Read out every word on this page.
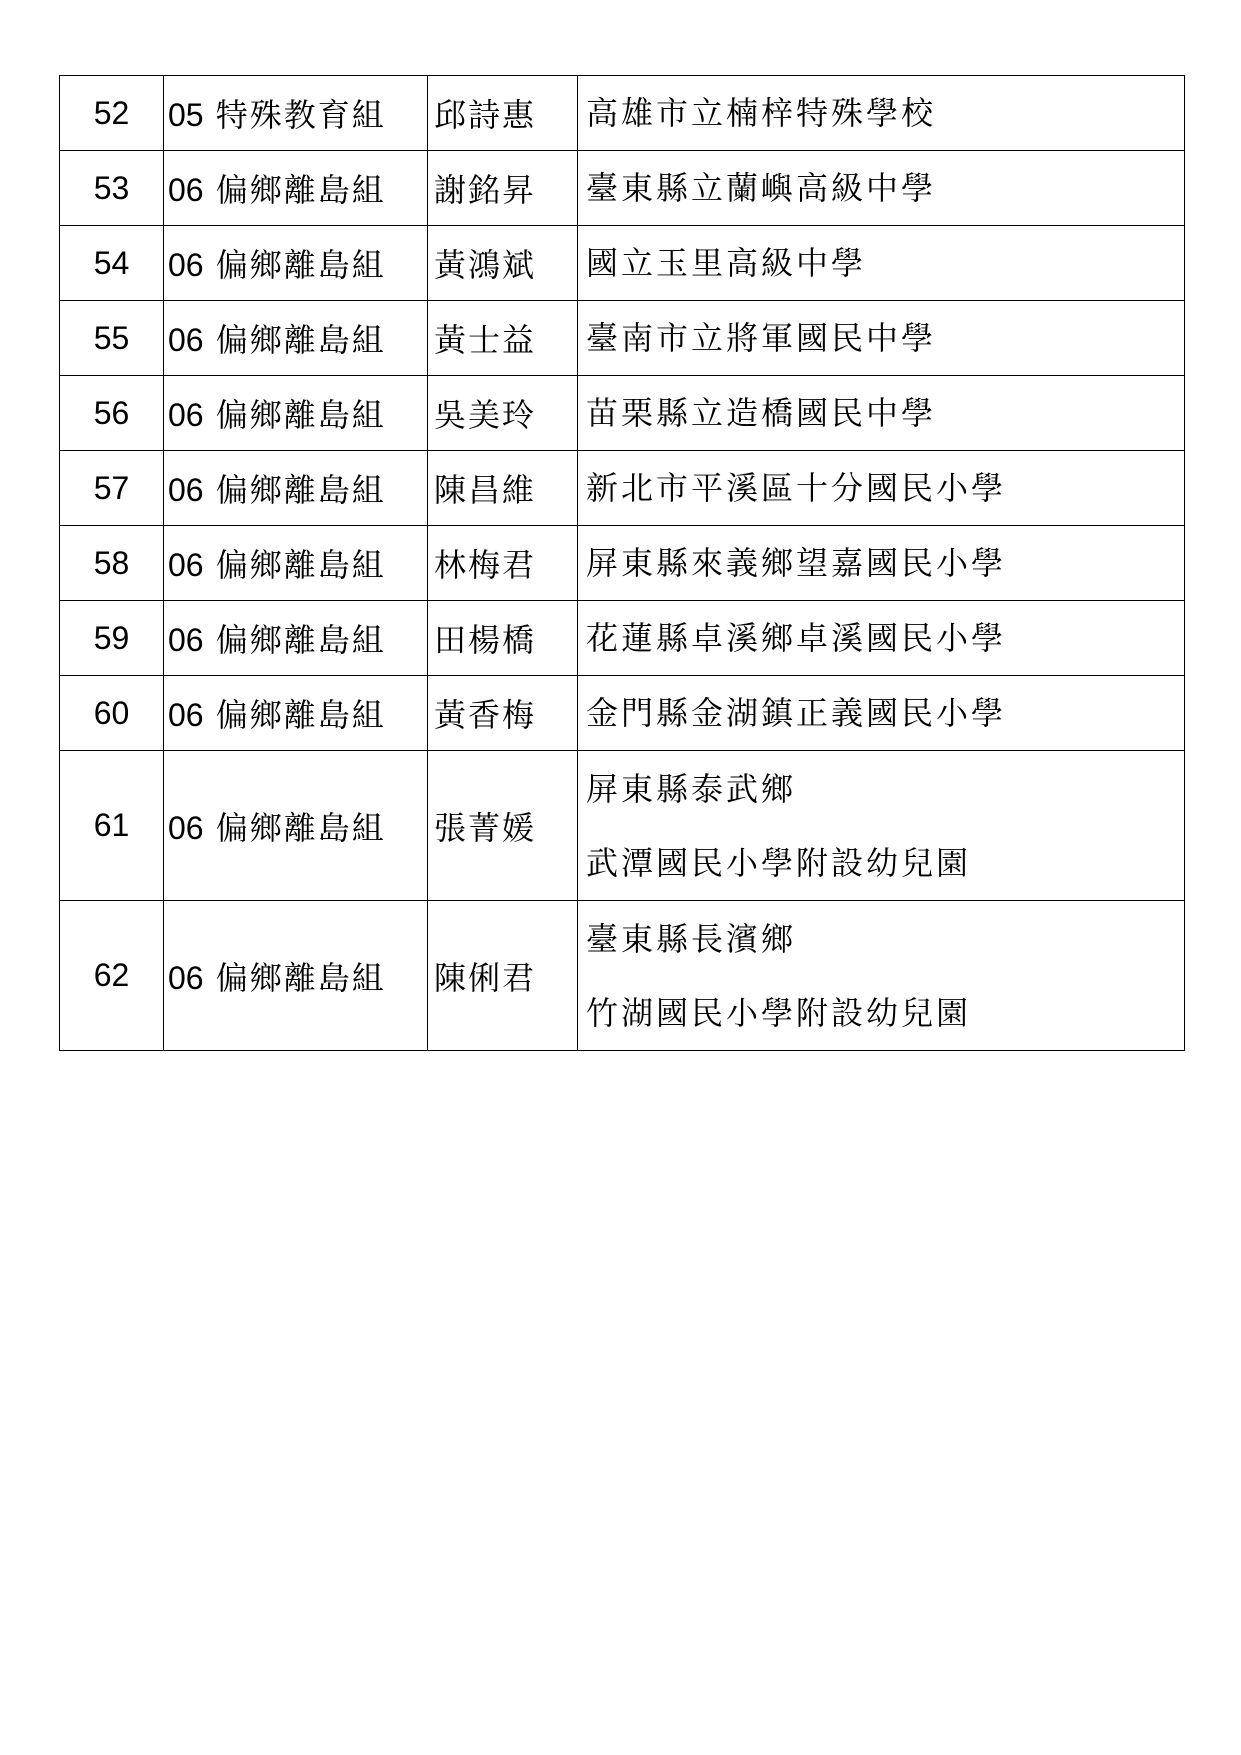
52	05 特殊教育組	邱詩惠	高雄市立楠梓特殊學校

53	06 偏鄉離島組	謝銘昇	臺東縣立蘭嶼高級中學

54	06 偏鄉離島組	黃鴻斌	國立玉里高級中學

55	06 偏鄉離島組	黃士益	臺南市立將軍國民中學

56	06 偏鄉離島組	吳美玲	苗栗縣立造橋國民中學

57	06 偏鄉離島組	陳昌維	新北市平溪區十分國民小學

58	06 偏鄉離島組	林梅君	屏東縣來義鄉望嘉國民小學

59	06 偏鄉離島組	田楊橋	花蓮縣卓溪鄉卓溪國民小學

60	06 偏鄉離島組	黃香梅	金門縣金湖鎮正義國民小學

61	06 偏鄉離島組	張菁媛	屏東縣泰武鄉
武潭國民小學附設幼兒園

62	06 偏鄉離島組	陳俐君	臺東縣長濱鄉
竹湖國民小學附設幼兒園
